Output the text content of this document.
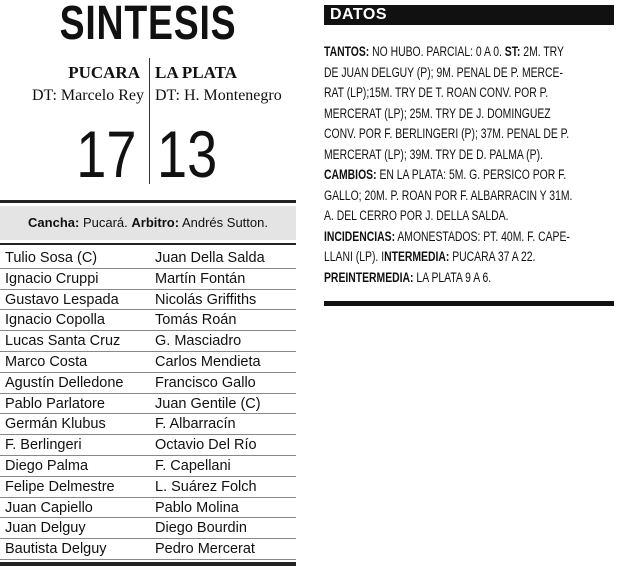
SINTESIS
PUCARA LA PLATA
DT: Marcelo Rey DT: H. Montenegro
17 13
Cancha: Pucará. Arbitro: Andrés Sutton.
Tulio Sosa (C)	Juan Della Salda
Ignacio Cruppi	Martín Fontán
Gustavo Lespada	Nicolás Griffiths
Ignacio Copolla	Tomás Roán
Lucas Santa Cruz	G. Masciadro
Marco Costa	Carlos Mendieta
Agustín Delledone	Francisco Gallo
Pablo Parlatore	Juan Gentile (C)
Germán Klubus	F. Albarracín
F. Berlingeri	Octavio Del Río
Diego Palma	F. Capellani
Felipe Delmestre	L. Suárez Folch
Juan Capiello	Pablo Molina
Juan Delguy	Diego Bourdin
Bautista Delguy	Pedro Mercerat
DATOS
TANTOS: NO HUBO. PARCIAL: 0 A 0. ST: 2M. TRY
DE JUAN DELGUY (P); 9M. PENAL DE P. MERCE-
RAT (LP);15M. TRY DE T. ROAN CONV. POR P.
MERCERAT (LP); 25M. TRY DE J. DOMINGUEZ
CONV. POR F. BERLINGERI (P); 37M. PENAL DE P.
MERCERAT (LP); 39M. TRY DE D. PALMA (P).
CAMBIOS: EN LA PLATA: 5M. G. PERSICO POR F.
GALLO; 20M. P. ROAN POR F. ALBARRACIN Y 31M.
A. DEL CERRO POR J. DELLA SALDA.
INCIDENCIAS: AMONESTADOS: PT. 40M. F. CAPE-
LLANI (LP). INTERMEDIA: PUCARA 37 A 22.
PREINTERMEDIA: LA PLATA 9 A 6.
